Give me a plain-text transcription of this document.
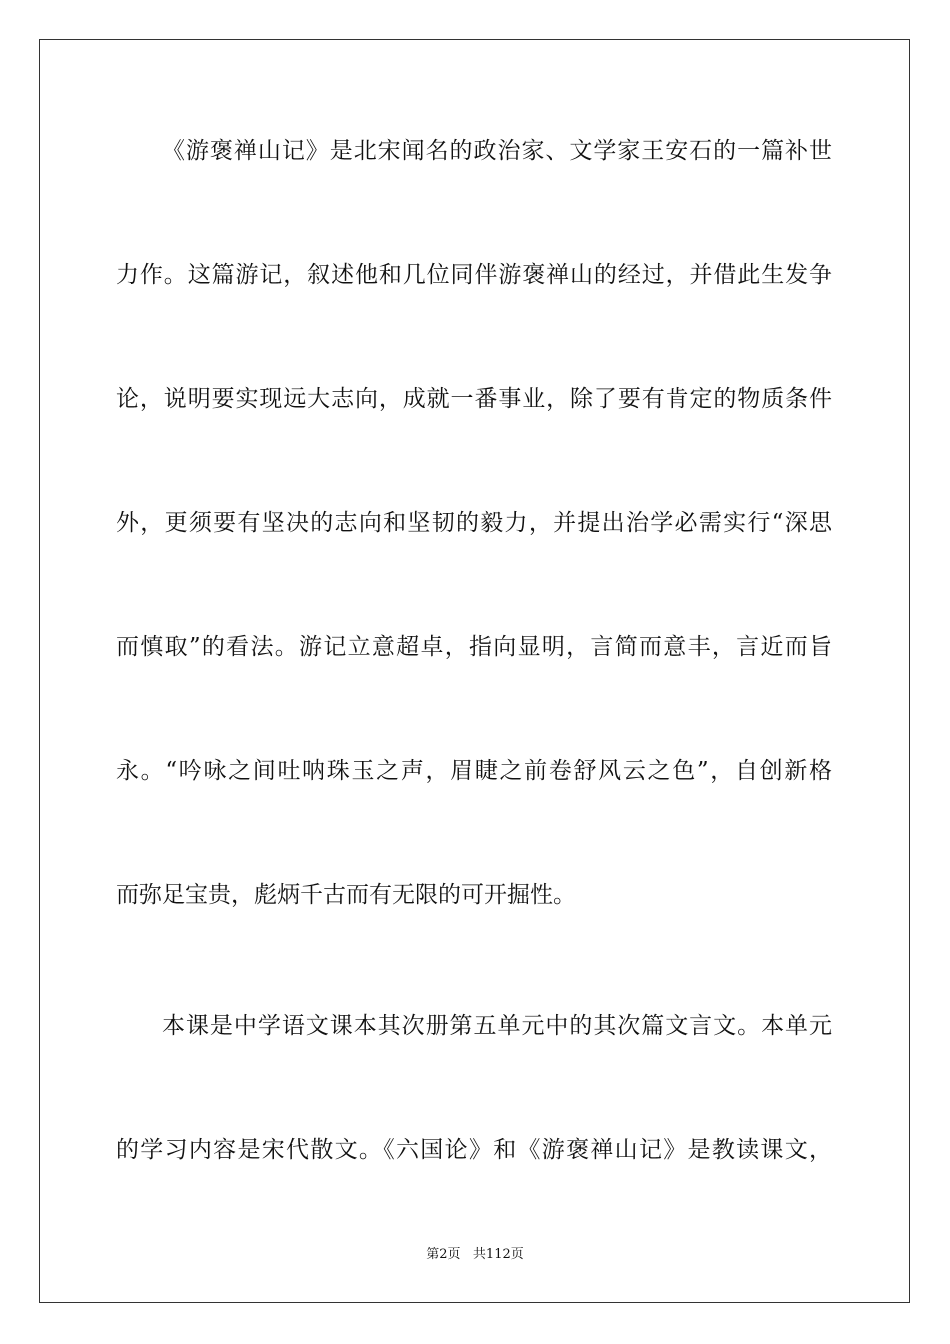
《游褒禅山记》是北宋闻名的政治家、文学家王安石的一篇补世
力作。这篇游记，叙述他和几位同伴游褒禅山的经过，并借此生发争
论，说明要实现远大志向，成就一番事业，除了要有肯定的物质条件
外，更须要有坚决的志向和坚韧的毅力，并提出治学必需实行“深思
而慎取”的看法。游记立意超卓，指向显明，言简而意丰，言近而旨
永。“吟咏之间吐呐珠玉之声，眉睫之前卷舒风云之色”，自创新格
而弥足宝贵，彪炳千古而有无限的可开掘性。
本课是中学语文课本其次册第五单元中的其次篇文言文。本单元
的学习内容是宋代散文。《六国论》和《游褒禅山记》是教读课文，
第2页 共112页
